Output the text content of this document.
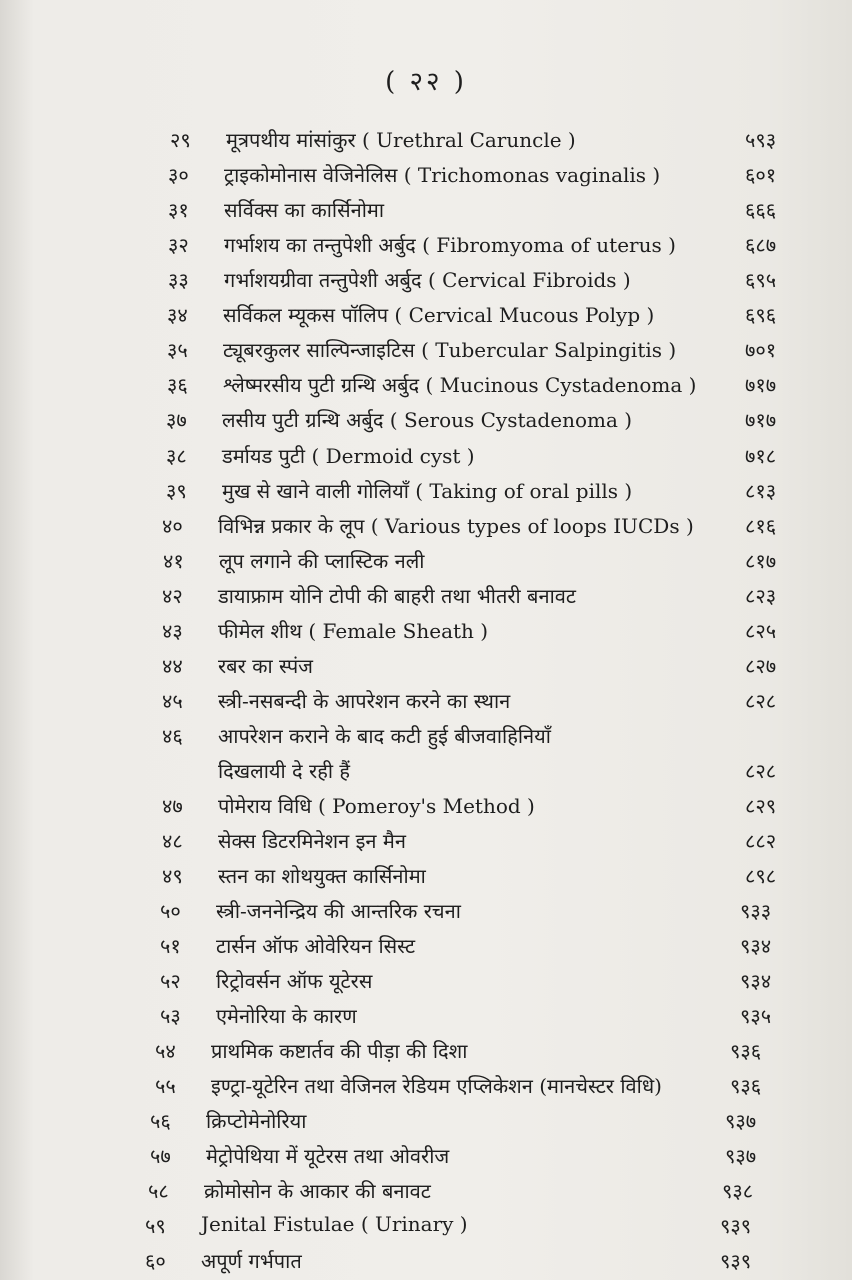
( २२ )
२९	मूत्रपथीय मांसांकुर ( Urethral Caruncle )	५९३
३०	ट्राइकोमोनास वेजिनेलिस ( Trichomonas vaginalis )	६०१
३१	सर्विक्स का कार्सिनोमा	६६६
३२	गर्भाशय का तन्तुपेशी अर्बुद ( Fibromyoma of uterus )	६८७
३३	गर्भाशयग्रीवा तन्तुपेशी अर्बुद ( Cervical Fibroids )	६९५
३४	सर्विकल म्यूकस पॉलिप ( Cervical Mucous Polyp )	६९६
३५	ट्यूबरकुलर साल्पिन्जाइटिस ( Tubercular Salpingitis )	७०१
३६	श्लेष्मरसीय पुटी ग्रन्थि अर्बुद ( Mucinous Cystadenoma ) ७१७
३७	लसीय पुटी ग्रन्थि अर्बुद ( Serous Cystadenoma )	७१७
३८	डर्मायड पुटी ( Dermoid cyst )	७१८
३९	मुख से खाने वाली गोलियाँ ( Taking of oral pills )	८१३
४०	विभिन्न प्रकार के लूप ( Various types of loops IUCDs )	८१६
४१	लूप लगाने की प्लास्टिक नली	८१७
४२	डायाफ्राम योनि टोपी की बाहरी तथा भीतरी बनावट	८२३
४३	फीमेल शीथ ( Female Sheath )	८२५
४४	रबर का स्पंज	८२७
४५	स्त्री-नसबन्दी के आपरेशन करने का स्थान	८२८
४६	आपरेशन कराने के बाद कटी हुई बीजवाहिनियाँ
दिखलायी दे रही हैं	८२८
४७	पोमेराय विधि ( Pomeroy's Method )	८२९
४८	सेक्स डिटरमिनेशन इन मैन	८८२
४९	स्तन का शोथयुक्त कार्सिनोमा	८९८
५०	स्त्री-जननेन्द्रिय की आन्तरिक रचना	९३३
५१	टार्सन ऑफ ओवेरियन सिस्ट	९३४
५२	रिट्रोवर्सन ऑफ यूटेरस	९३४
५३	एमेनोरिया के कारण	९३५
५४	प्राथमिक कष्टार्तव की पीड़ा की दिशा	९३६
५५	इण्ट्रा-यूटेरिन तथा वेजिनल रेडियम एप्लिकेशन (मानचेस्टर विधि)	९३६
५६	क्रिप्टोमेनोरिया	९३७
५७	मेट्रोपेथिया में यूटेरस तथा ओवरीज	९३७
५८	क्रोमोसोन के आकार की बनावट	९३८
५९	Jenital Fistulae ( Urinary )	९३९
६०	अपूर्ण गर्भपात	९३९
